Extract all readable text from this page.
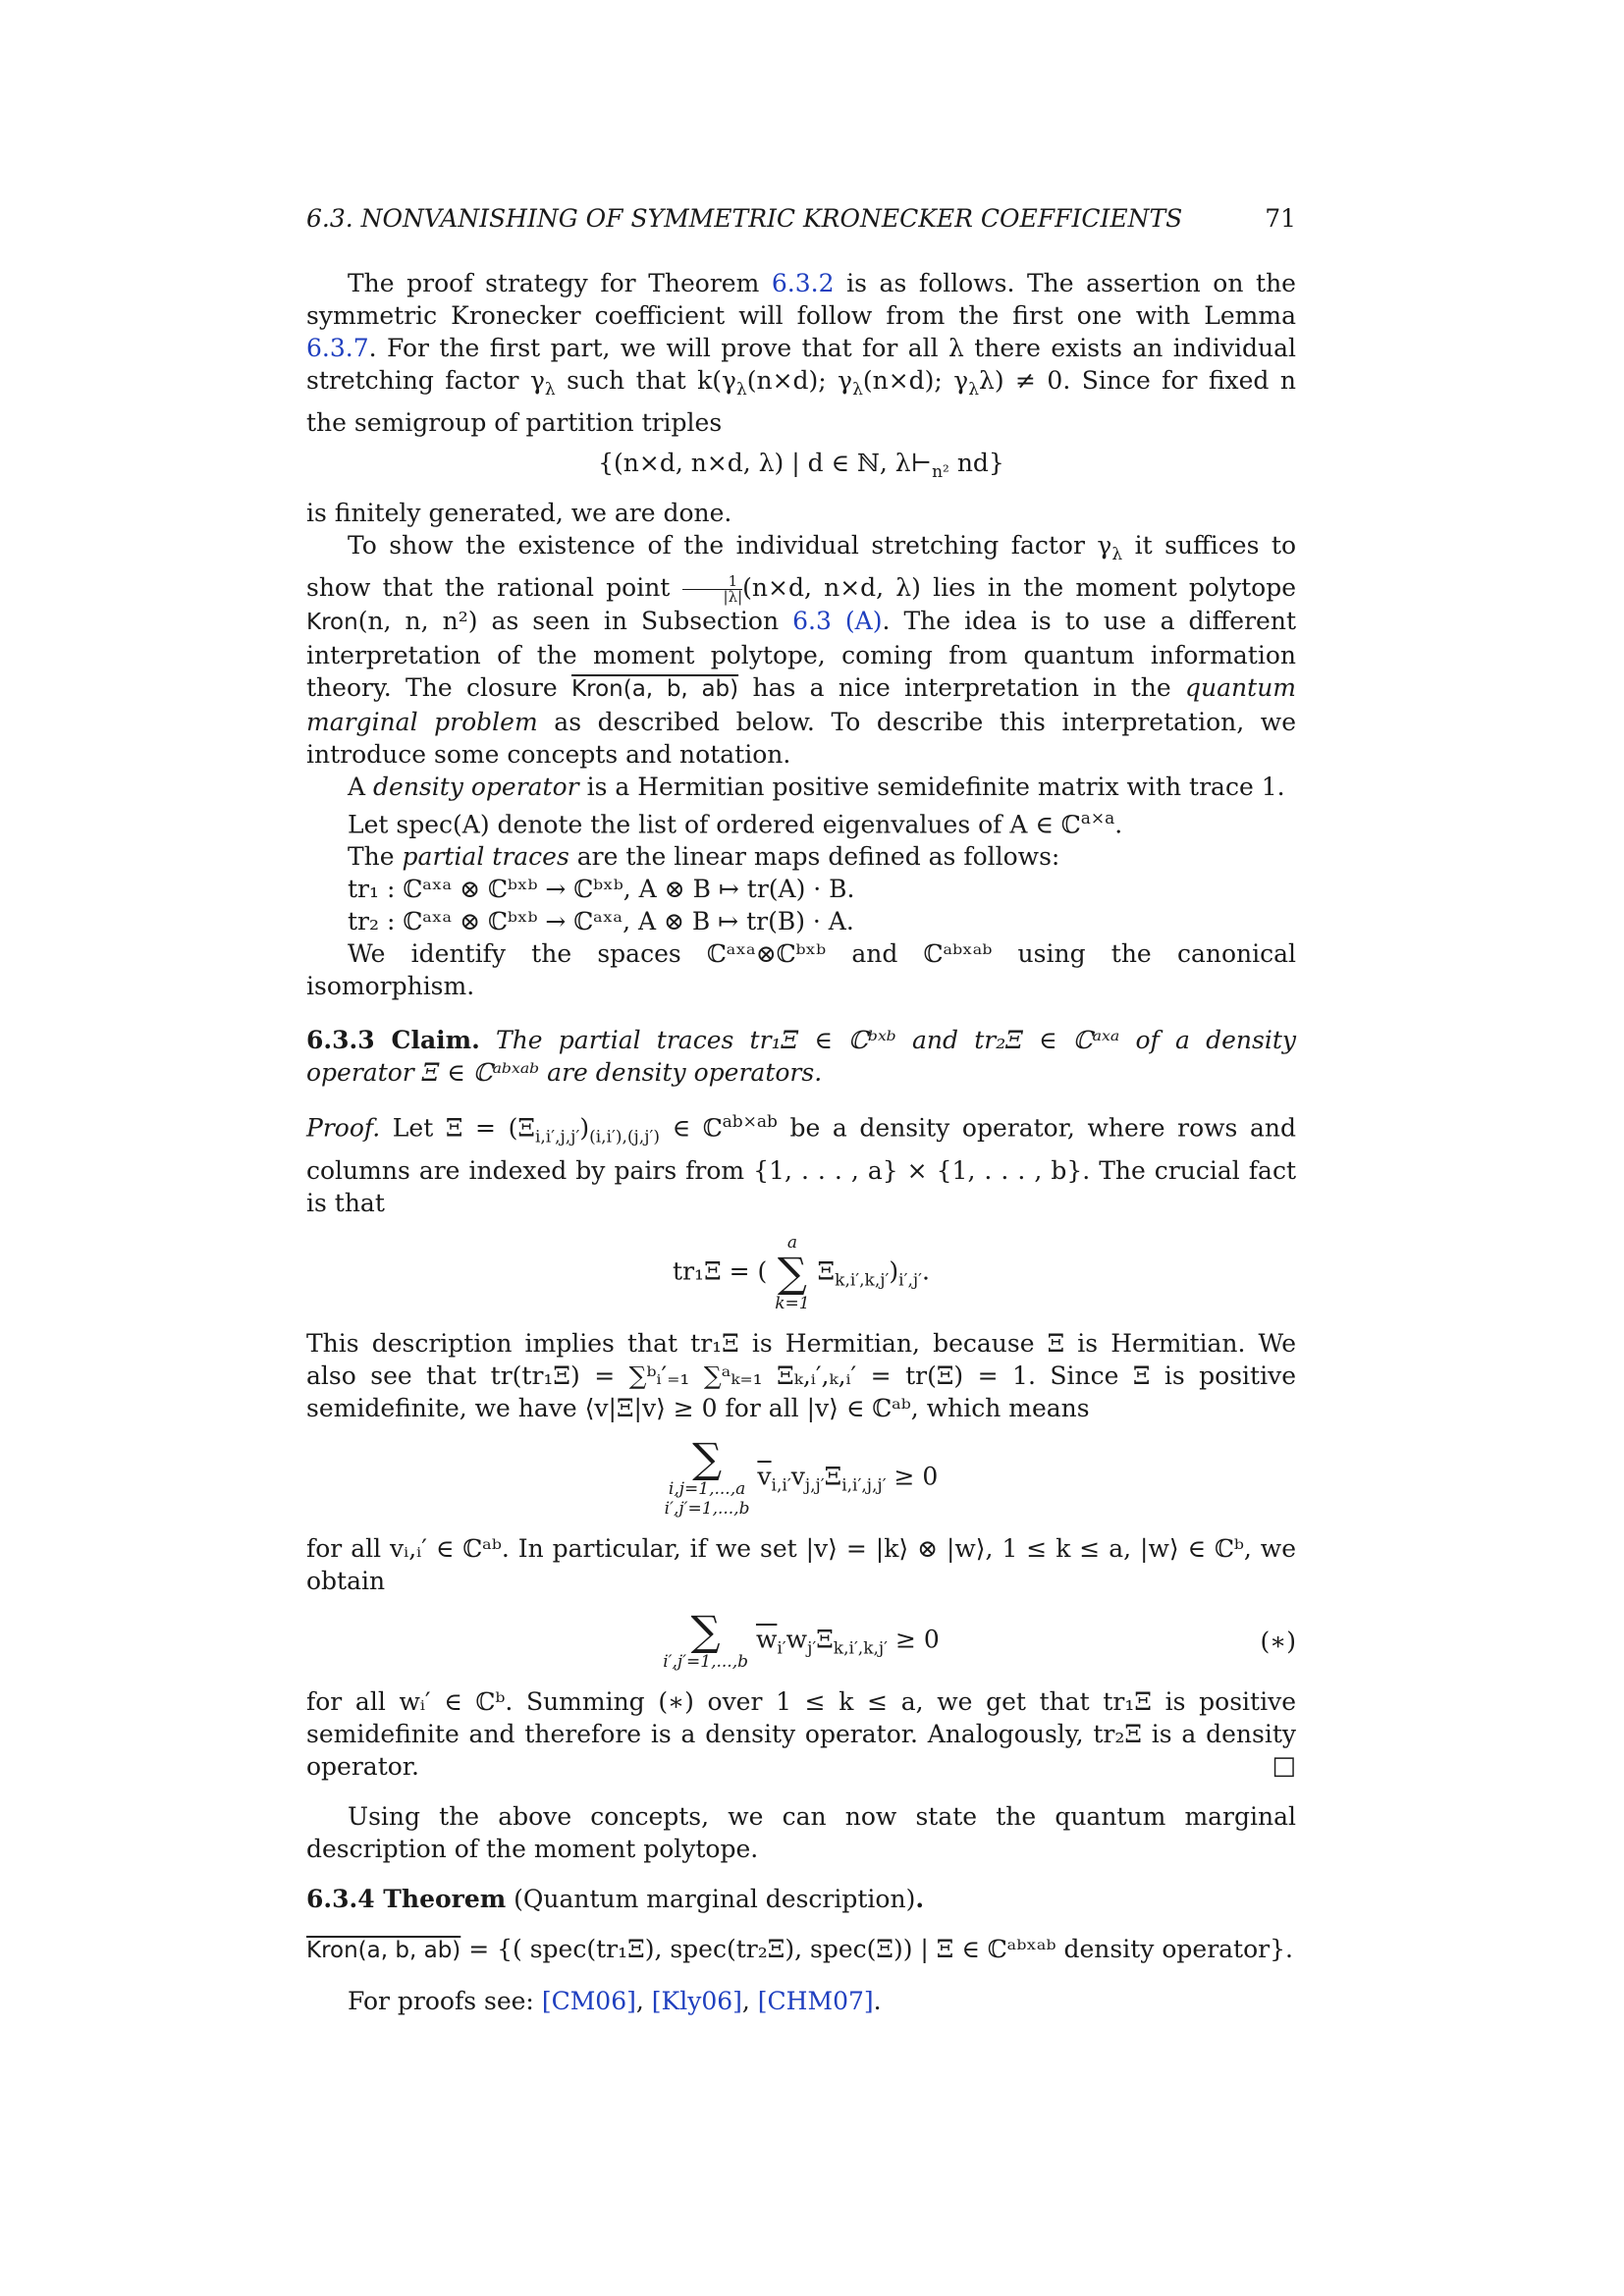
6.3. NONVANISHING OF SYMMETRIC KRONECKER COEFFICIENTS	71

The proof strategy for Theorem 6.3.2 is as follows. The assertion on the symmetric Kronecker coefficient will follow from the first one with Lemma 6.3.7. For the first part, we will prove that for all λ there exists an individual stretching factor $\gamma_\lambda$ such that $k(\gamma_\lambda(n\times d)$; $\gamma_\lambda(n\times d)$; $\gamma_\lambda\lambda) \ne 0$. Since for fixed n the semigroup of partition triples

{(n×d, n×d, λ) | d ∈ ℕ, $\lambda⊢_{n^2}$ nd}

is finitely generated, we are done.

To show the existence of the individual stretching factor $\gamma_\lambda$ it suffices to show that the rational point $\frac{1}{|\lambda|} (n\times d$, n×d, λ) lies in the moment polytope Kron(n, n, n²) as seen in Subsection 6.3 (A). The idea is to use a different interpretation of the moment polytope, coming from quantum information theory. The closure Kron(a, b, ab) has a nice interpretation in the quantum marginal problem as described below. To describe this interpretation, we introduce some concepts and notation.

A density operator is a Hermitian positive semidefinite matrix with trace 1.

Let spec(A) denote the list of ordered eigenvalues of A ∈ ℂ$^{a\times a}$.

The partial traces are the linear maps defined as follows:

tr₁ : ℂᵃˣᵃ ⊗ ℂᵇˣᵇ → ℂᵇˣᵇ, A ⊗ B ↦ tr(A) · B.

tr₂ : ℂᵃˣᵃ ⊗ ℂᵇˣᵇ → ℂᵃˣᵃ, A ⊗ B ↦ tr(B) · A.

We identify the spaces ℂᵃˣᵃ⊗ℂᵇˣᵇ and ℂᵃᵇˣᵃᵇ using the canonical isomorphism.

6.3.3 Claim. The partial traces tr₁Ξ ∈ ℂᵇˣᵇ and tr₂Ξ ∈ ℂᵃˣᵃ of a density operator Ξ ∈ ℂᵃᵇˣᵃᵇ are density operators.

Proof. Let $\Xi = (\Xi_{i,i',j,j'})_{(i,i'),(j,j')}$ ∈ ℂ$^{ab\times ab}$ be a density operator, where rows and columns are indexed by pairs from {1, . . . , a} × {1, . . . , b}. The crucial fact is that

tr₁Ξ = (
a
∑
k=1
$\Xi_{k,i',k,j'})_{i',j'}$.

This description implies that tr₁Ξ is Hermitian, because Ξ is Hermitian. We also see that tr(tr₁Ξ) = ∑ᵇᵢ′₌₁ ∑ᵃₖ₌₁ Ξₖ,ᵢ′,ₖ,ᵢ′ = tr(Ξ) = 1. Since Ξ is positive semidefinite, we have ⟨v|Ξ|v⟩ ≥ 0 for all |v⟩ ∈ ℂᵃᵇ, which means

∑
i,j=1,...,a
i′,j′=1,...,b
$\overline{v}_{i,i'}v_{j,j'}\Xi_{i,i',j,j'} \ge 0$

for all vᵢ,ᵢ′ ∈ ℂᵃᵇ. In particular, if we set |v⟩ = |k⟩ ⊗ |w⟩, 1 ≤ k ≤ a, |w⟩ ∈ ℂᵇ, we obtain

∑
i′,j′=1,...,b
$\overline{w}_{i'}w_{j'}\Xi_{k,i',k,j'} \ge 0$	(∗)

for all wᵢ′ ∈ ℂᵇ. Summing (∗) over 1 ≤ k ≤ a, we get that tr₁Ξ is positive semidefinite and therefore is a density operator. Analogously, tr₂Ξ is a density operator.	□

Using the above concepts, we can now state the quantum marginal description of the moment polytope.

6.3.4 Theorem (Quantum marginal description).

Kron(a, b, ab) = {( spec(tr₁Ξ), spec(tr₂Ξ), spec(Ξ)) | Ξ ∈ ℂᵃᵇˣᵃᵇ density operator}.

For proofs see: [CM06], [Kly06], [CHM07].
